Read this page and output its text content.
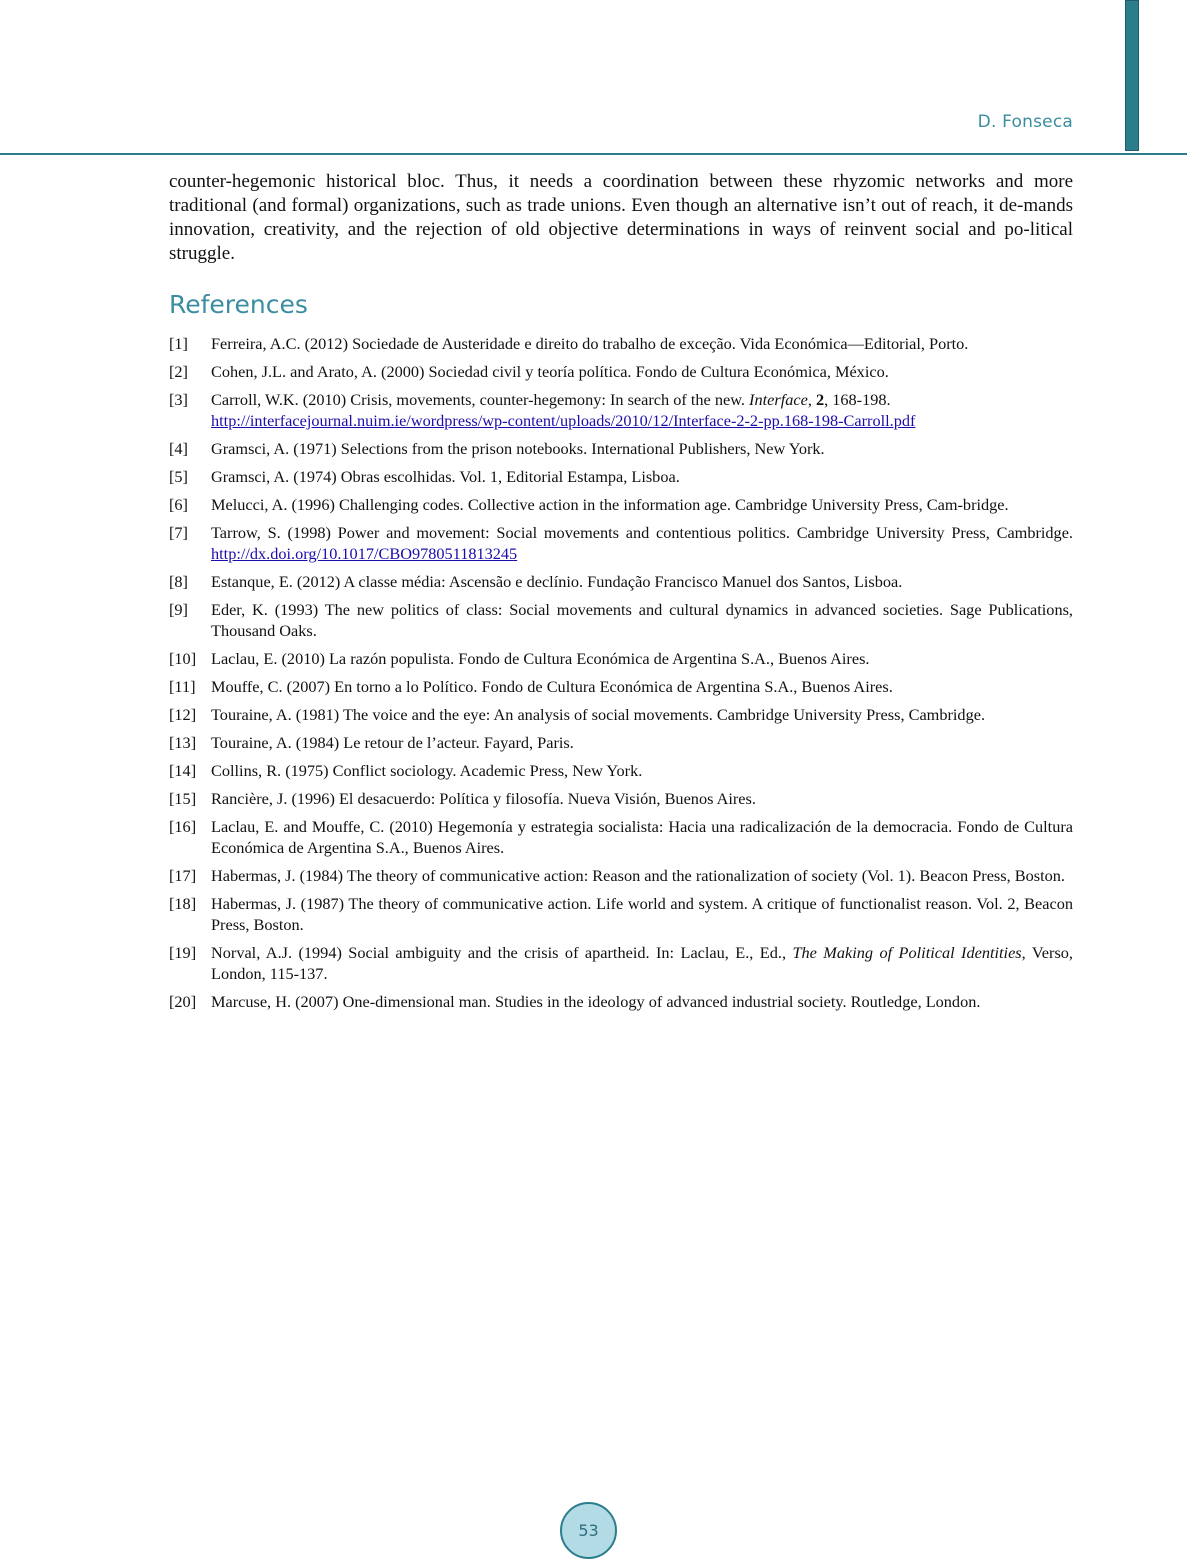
D. Fonseca

counter-hegemonic historical bloc. Thus, it needs a coordination between these rhyzomic networks and more traditional (and formal) organizations, such as trade unions. Even though an alternative isn’t out of reach, it de-mands innovation, creativity, and the rejection of old objective determinations in ways of reinvent social and po-litical struggle.

References
[1]	Ferreira, A.C. (2012) Sociedade de Austeridade e direito do trabalho de exceção. Vida Económica—Editorial, Porto.
[2]	Cohen, J.L. and Arato, A. (2000) Sociedad civil y teoría política. Fondo de Cultura Económica, México.
[3]	Carroll, W.K. (2010) Crisis, movements, counter-hegemony: In search of the new. Interface, 2, 168-198.
http://interfacejournal.nuim.ie/wordpress/wp-content/uploads/2010/12/Interface-2-2-pp.168-198-Carroll.pdf
[4]	Gramsci, A. (1971) Selections from the prison notebooks. International Publishers, New York.
[5]	Gramsci, A. (1974) Obras escolhidas. Vol. 1, Editorial Estampa, Lisboa.
[6]	Melucci, A. (1996) Challenging codes. Collective action in the information age. Cambridge University Press, Cam-bridge.
[7]	Tarrow, S. (1998) Power and movement: Social movements and contentious politics. Cambridge University Press, Cambridge. http://dx.doi.org/10.1017/CBO9780511813245
[8]	Estanque, E. (2012) A classe média: Ascensão e declínio. Fundação Francisco Manuel dos Santos, Lisboa.
[9]	Eder, K. (1993) The new politics of class: Social movements and cultural dynamics in advanced societies. Sage Publications, Thousand Oaks.
[10] Laclau, E. (2010) La razón populista. Fondo de Cultura Económica de Argentina S.A., Buenos Aires.
[11] Mouffe, C. (2007) En torno a lo Político. Fondo de Cultura Económica de Argentina S.A., Buenos Aires.
[12] Touraine, A. (1981) The voice and the eye: An analysis of social movements. Cambridge University Press, Cambridge.
[13] Touraine, A. (1984) Le retour de l’acteur. Fayard, Paris.
[14] Collins, R. (1975) Conflict sociology. Academic Press, New York.
[15] Rancière, J. (1996) El desacuerdo: Política y filosofía. Nueva Visión, Buenos Aires.
[16] Laclau, E. and Mouffe, C. (2010) Hegemonía y estrategia socialista: Hacia una radicalización de la democracia. Fondo de Cultura Económica de Argentina S.A., Buenos Aires.
[17] Habermas, J. (1984) The theory of communicative action: Reason and the rationalization of society (Vol. 1). Beacon Press, Boston.
[18] Habermas, J. (1987) The theory of communicative action. Life world and system. A critique of functionalist reason. Vol. 2, Beacon Press, Boston.
[19] Norval, A.J. (1994) Social ambiguity and the crisis of apartheid. In: Laclau, E., Ed., The Making of Political Identities, Verso, London, 115-137.
[20] Marcuse, H. (2007) One-dimensional man. Studies in the ideology of advanced industrial society. Routledge, London.
53
